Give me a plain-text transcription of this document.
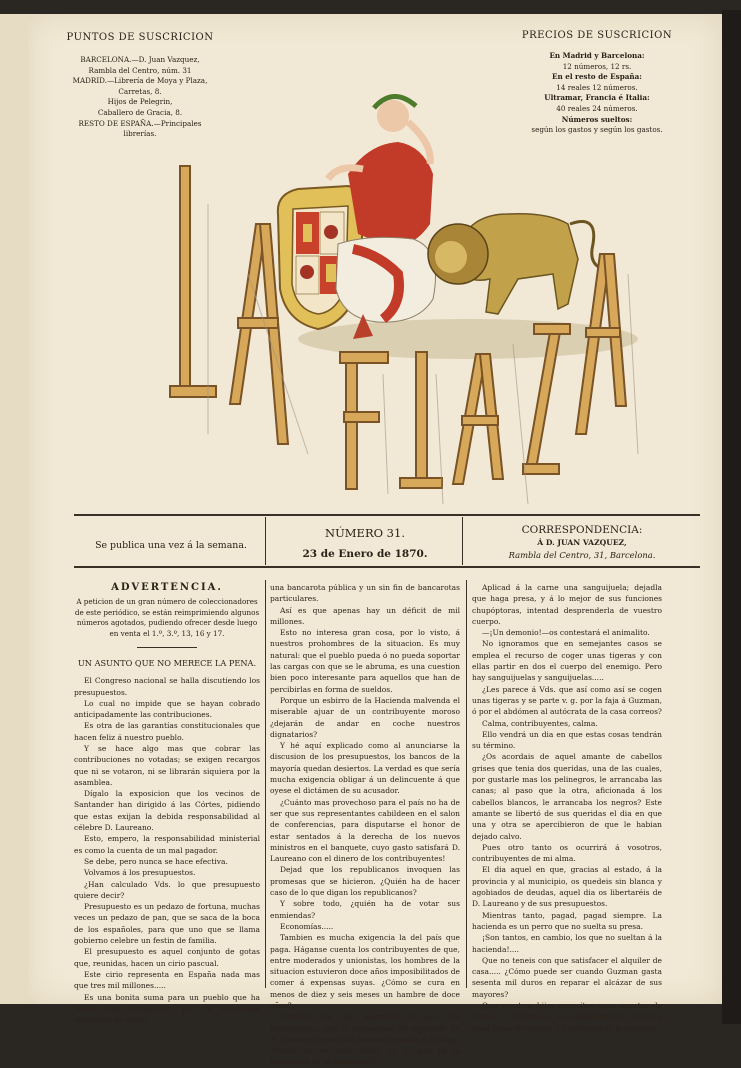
PUNTOS DE SUSCRICION
BARCELONA.—D. Juan Vazquez,
Rambla del Centro, núm. 31
MADRID.—Librería de Moya y Plaza,
Carretas, 8.
Hijos de Pelegrin,
Caballero de Gracia, 8.
RESTO DE ESPAÑA.—Principales
librerías.
PRECIOS DE SUSCRICION
En Madrid y Barcelona:
12 números, 12 rs.
En el resto de España:
14 reales 12 números.
Ultramar, Francia é Italia:
40 reales 24 números.
Números sueltos:
según los gastos y según los gastos.
Se publica una vez á la semana.
NÚMERO 31.
23 de Enero de 1870.
CORRESPONDENCIA:
Á D. JUAN VAZQUEZ,
Rambla del Centro, 31, Barcelona.
ADVERTENCIA.
A peticion de un gran número de coleccionadores de este periódico, se están reimprimiendo algunos números agotados, pudiendo ofrecer desde luego en venta el 1.º, 3.º, 13, 16 y 17.
UN ASUNTO QUE NO MERECE LA PENA.

El Congreso nacional se halla discutiendo los presupuestos.

Lo cual no impide que se hayan cobrado anticipadamente las contribuciones.

Es otra de las garantías constitucionales que hacen feliz á nuestro pueblo.

Y se hace algo mas que cobrar las contribuciones no votadas; se exigen recargos que ni se votaron, ni se librarán siquiera por la asamblea.

Dígalo la exposicion que los vecinos de Santander han dirigido á las Córtes, pidiendo que estas exijan la debida responsabilidad al célebre D. Laureano.

Esto, empero, la responsabilidad ministerial es como la cuenta de un mal pagador.

Se debe, pero nunca se hace efectiva.

Volvamos á los presupuestos.

¿Han calculado Vds. lo que presupuesto quiere decir?

Presupuesto es un pedazo de fortuna, muchas veces un pedazo de pan, que se saca de la boca de los españoles, para que uno que se llama gobierno celebre un festin de familia.

El presupuesto es aquel conjunto de gotas que, reunidas, hacen un cirio pascual.

Este cirio representa en España nada mas que tres mil millones.....

Es una bonita suma para un pueblo que ha hecho una revolucion por la necesidad imperiosa de evitar

una bancarota pública y un sin fin de bancarotas particulares.

Así es que apenas hay un déficit de mil millones.

Esto no interesa gran cosa, por lo visto, á nuestros prohombres de la situacion. Es muy natural: que el pueblo pueda ó no pueda soportar las cargas con que se le abruma, es una cuestion bien poco interesante para aquellos que han de percibirlas en forma de sueldos.

Porque un esbirro de la Hacienda malvenda el miserable ajuar de un contribuyente moroso ¿dejarán de andar en coche nuestros dignatarios?

Y hé aquí explicado como al anunciarse la discusion de los presupuestos, los bancos de la mayoría quedan desiertos. La verdad es que sería mucha exigencia obligar á un delincuente á que oyese el dictámen de su acusador.

¿Cuánto mas provechoso para el país no ha de ser que sus representantes cabildeen en el salon de conferencias, para disputarse el honor de estar sentados á la derecha de los nuevos ministros en el banquete, cuyo gasto satisfará D. Laureano con el dinero de los contribuyentes!

Dejad que los republicanos invoquen las promesas que se hicieron. ¿Quién ha de hacer caso de lo que digan los republicanos?

Y sobre todo, ¿quién ha de votar sus enmiendas?

Economías.....

Tambien es mucha exigencia la del país que paga. Háganse cuenta los contribuyentes de que, entre moderados y unionistas, los hombres de la situacion estuvieron doce años imposibilitados de comer á expensas suyas. ¿Cómo se cura en menos de diez y seis meses un hambre de doce años?

Hombre hoy tan agarrado al pan del presupuesto, que si tratásemos de separarle de él, primero dejaria las muelas pegadas á la miga. ¿Quién no se hace cargo de lo que es la hidrofobia de la necesidad?

Aplicad á la carne una sanguijuela; dejadla que haga presa, y á lo mejor de sus funciones chupóptoras, intentad desprenderla de vuestro cuerpo.

—¡Un demonio!—os contestará el animalito.

No ignoramos que en semejantes casos se emplea el recurso de coger unas tigeras y con ellas partir en dos el cuerpo del enemigo. Pero hay sanguijuelas y sanguijuelas.....

¿Les parece á Vds. que así como así se cogen unas tigeras y se parte v. g. por la faja á Guzman, ó por el abdómen al autócrata de la casa correos?

Calma, contribuyentes, calma.

Ello vendrá un dia en que estas cosas tendrán su término.

¿Os acordais de aquel amante de cabellos grises que tenia dos queridas, una de las cuales, por gustarle mas los pelinegros, le arrancaba las canas; al paso que la otra, aficionada á los cabellos blancos, le arrancaba los negros? Este amante se libertó de sus queridas el dia en que una y otra se apercibieron de que le habian dejado calvo.

Pues otro tanto os ocurrirá á vosotros, contribuyentes de mi alma.

El dia aquel en que, gracias al estado, á la provincia y al municipio, os quedeis sin blanca y agobiados de deudas, aquel dia os libertaréis de D. Laureano y de sus presupuestos.

Mientras tanto, pagad, pagad siempre. La hacienda es un perro que no suelta su presa.

¡Son tantos, en cambio, los que no sueltan á la hacienda!....

Que no teneis con que satisfacer el alquiler de casa..... ¿Cómo puede ser cuando Guzman gasta sesenta mil duros en reparar el alcázar de sus mayores?

Que vuestros hijos necesitan unos zapatos de cuero..... Paciencia; el subsecretario necesita unas botas de charol, y lo primero es lo primero.
